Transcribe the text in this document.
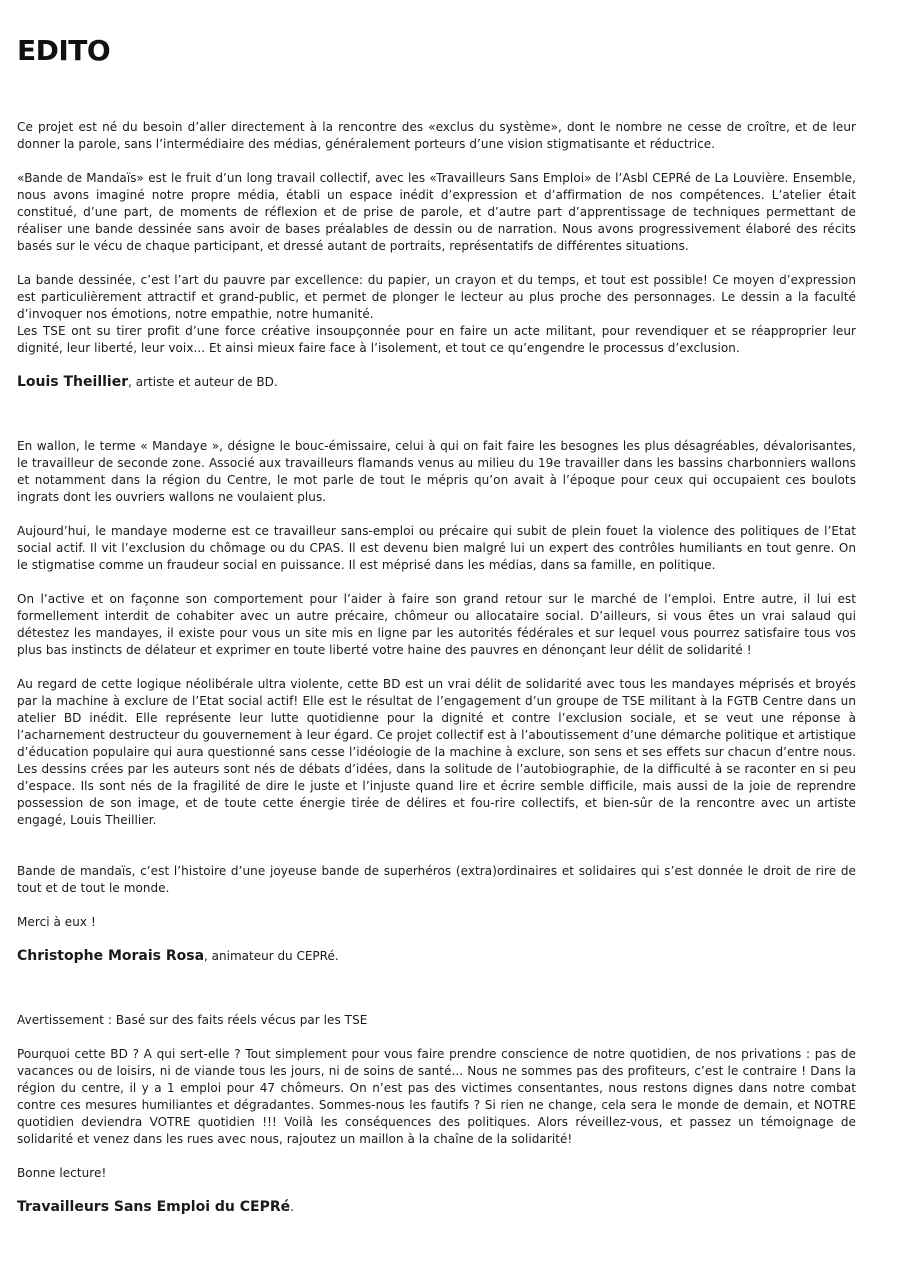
EDITO

Ce projet est né du besoin d’aller directement à la rencontre des «exclus du système», dont le nombre ne cesse de croître, et de leur donner la parole, sans l’intermédiaire des médias, généralement porteurs d’une vision stigmatisante et réductrice.

«Bande de Mandaïs» est le fruit d’un long travail collectif, avec les «Travailleurs Sans Emploi» de l’Asbl CEPRé de La Louvière. Ensemble, nous avons imaginé notre propre média, établi un espace inédit d’expression et d’affirmation de nos compétences. L’atelier était constitué, d’une part, de moments de réflexion et de prise de parole, et d’autre part d’apprentissage de techniques permettant de réaliser une bande dessinée sans avoir de bases préalables de dessin ou de narration. Nous avons progressivement élaboré des récits basés sur le vécu de chaque participant, et dressé autant de portraits, représentatifs de différentes situations.

La bande dessinée, c’est l’art du pauvre par excellence: du papier, un crayon et du temps, et tout est possible! Ce moyen d’expression est particulièrement attractif et grand-public, et permet de plonger le lecteur au plus proche des personnages. Le dessin a la faculté d’invoquer nos émotions, notre empathie, notre humanité.

Les TSE ont su tirer profit d’une force créative insoupçonnée pour en faire un acte militant, pour revendiquer et se réapproprier leur dignité, leur liberté, leur voix... Et ainsi mieux faire face à l’isolement, et tout ce qu’engendre le processus d’exclusion.

Louis Theillier, artiste et auteur de BD.

En wallon, le terme « Mandaye », désigne le bouc-émissaire, celui à qui on fait faire les besognes les plus désagréables, dévalorisantes, le travailleur de seconde zone. Associé aux travailleurs flamands venus au milieu du 19e travailler dans les bassins charbonniers wallons et notamment dans la région du Centre, le mot parle de tout le mépris qu’on avait à l’époque pour ceux qui occupaient ces boulots ingrats dont les ouvriers wallons ne voulaient plus.

Aujourd’hui, le mandaye moderne est ce travailleur sans-emploi ou précaire qui subit de plein fouet la violence des politiques de l’Etat social actif. Il vit l’exclusion du chômage ou du CPAS. Il est devenu bien malgré lui un expert des contrôles humiliants en tout genre. On le stigmatise comme un fraudeur social en puissance. Il est méprisé dans les médias, dans sa famille, en politique.

On l’active et on façonne son comportement pour l’aider à faire son grand retour sur le marché de l’emploi. Entre autre, il lui est formellement interdit de cohabiter avec un autre précaire, chômeur ou allocataire social. D’ailleurs, si vous êtes un vrai salaud qui détestez les mandayes, il existe pour vous un site mis en ligne par les autorités fédérales et sur lequel vous pourrez satisfaire tous vos plus bas instincts de délateur et exprimer en toute liberté votre haine des pauvres en dénonçant leur délit de solidarité !

Au regard de cette logique néolibérale ultra violente, cette BD est un vrai délit de solidarité avec tous les mandayes méprisés et broyés par la machine à exclure de l’Etat social actif! Elle est le résultat de l’engagement d’un groupe de TSE militant à la FGTB Centre dans un atelier BD inédit. Elle représente leur lutte quotidienne pour la dignité et contre l’exclusion sociale, et se veut une réponse à l’acharnement destructeur du gouvernement à leur égard. Ce projet collectif est à l’aboutissement d’une démarche politique et artistique d’éducation populaire qui aura questionné sans cesse l’idéologie de la machine à exclure, son sens et ses effets sur chacun d’entre nous. Les dessins crées par les auteurs sont nés de débats d’idées, dans la solitude de l’autobiographie, de la difficulté à se raconter en si peu d’espace. Ils sont nés de la fragilité de dire le juste et l’injuste quand lire et écrire semble difficile, mais aussi de la joie de reprendre possession de son image, et de toute cette énergie tirée de délires et fou-rire collectifs, et bien-sûr de la rencontre avec un artiste engagé, Louis Theillier.

Bande de mandaïs, c’est l’histoire d’une joyeuse bande de superhéros (extra)ordinaires et solidaires qui s’est donnée le droit de rire de tout et de tout le monde.

Merci à eux !

Christophe Morais Rosa, animateur du CEPRé.

Avertissement : Basé sur des faits réels vécus par les TSE

Pourquoi cette BD ? A qui sert-elle ? Tout simplement pour vous faire prendre conscience de notre quotidien, de nos privations : pas de vacances ou de loisirs, ni de viande tous les jours, ni de soins de santé... Nous ne sommes pas des profiteurs, c’est le contraire ! Dans la région du centre, il y a 1 emploi pour 47 chômeurs. On n’est pas des victimes consentantes, nous restons dignes dans notre combat contre ces mesures humiliantes et dégradantes. Sommes-nous les fautifs ? Si rien ne change, cela sera le monde de demain, et NOTRE quotidien deviendra VOTRE quotidien !!! Voilà les conséquences des politiques. Alors réveillez-vous, et passez un témoignage de solidarité et venez dans les rues avec nous, rajoutez un maillon à la chaîne de la solidarité!

Bonne lecture!

Travailleurs Sans Emploi du CEPRé.
